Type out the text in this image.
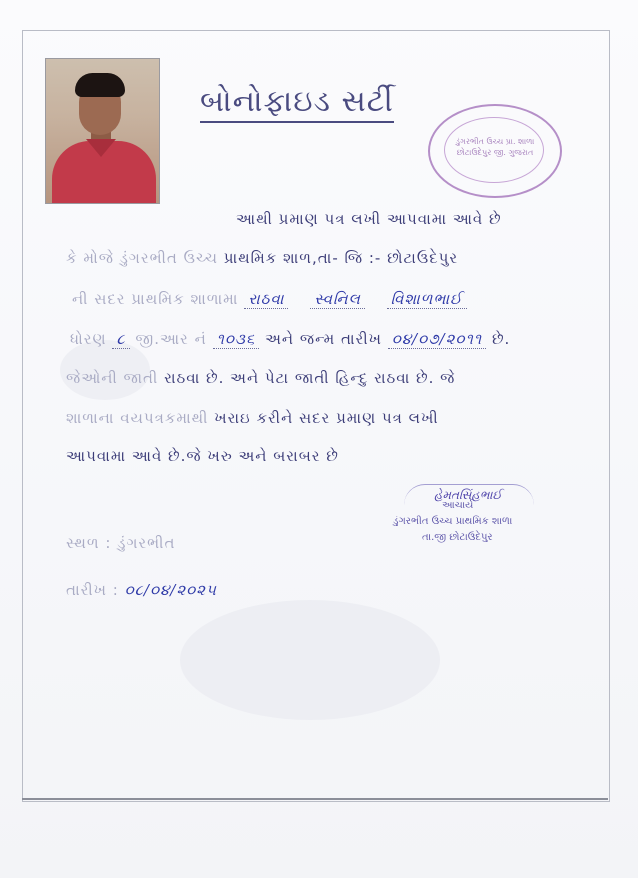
બોનોફાઇડ સર્ટી
ડુંગરભીત ઉચ્ચ પ્રા. શાળા
છોટાઉદેપુર જી. ગુજરાત
આથી પ્રમાણ પત્ર લખી આપવામા આવે છે
કે મોજે ડુંગરભીત ઉચ્ચ પ્રાથમિક શાળ,તા- જિ :- છોટાઉદેપુર
ની સદર પ્રાથમિક શાળામા રાઠવા સ્વનિલ વિશાળભાઈ
ધોરણ ૮ જી.આર નં ૧૦૩૬ અને જન્મ તારીખ ૦૪/૦૭/૨૦૧૧ છે.
જેઓની જાતી રાઠવા છે. અને પેટા જાતી હિન્દુ રાઠવા છે. જે
શાળાના વયપત્રકમાથી ખરાઇ કરીને સદર પ્રમાણ પત્ર લખી
આપવામા આવે છે.જે ખરુ અને બરાબર છે
હેમતસિંહભાઈ
આચાર્ય
ડુંગરભીત ઉચ્ચ પ્રાથમિક શાળા
તા.જી છોટાઉદેપુર
સ્થળ : ડુંગરભીત
તારીખ : ૦૮/૦૪/૨૦૨૫
